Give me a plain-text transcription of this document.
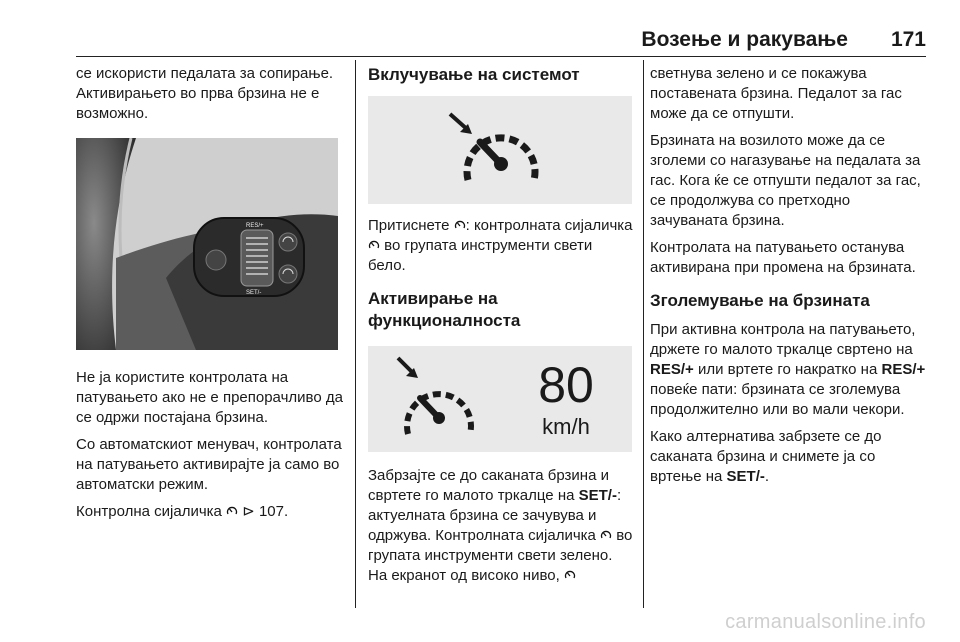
Возење и ракување 171

се искористи педалата за сопирање. Активирањето во прва брзина не е возможно.

RES/+
SET/-

Не ја користите контролата на патувањето ако не е препорачливо да се одржи постајана брзина.

Со автоматскиот менувач, контролата на патувањето активирајте ја само во автоматски режим.

Контролна сијаличка ⊳ 107.

Вклучување на системот

Притиснете : контролната сијаличка  во групата инструменти свети бело.

Активирање на функционалноста
80
km/h

Забрзајте се до саканата брзина и свртете го малото тркалце на SET/-: актуелната брзина се зачувува и одржува. Контролната сијаличка во групата инструменти свети зелено. На екранот од високо ниво,

светнува зелено и се покажува поставената брзина. Педалот за гас може да се отпушти.

Брзината на возилото може да се зголеми со нагазување на педалата за гас. Кога ќе се отпушти педалот за гас, се продолжува со претходно зачуваната брзина.

Контролата на патувањето останува активирана при промена на брзината.

Зголемување на брзината

При активна контрола на патувањето, држете го малото тркалце свртено на RES/+ или вртете го накратко на RES/+ повеќе пати: брзината се зголемува продолжително или во мали чекори.

Како алтернатива забрзете се до саканата брзина и снимете ја со вртење на SET/-.

carmanualsonline.info
